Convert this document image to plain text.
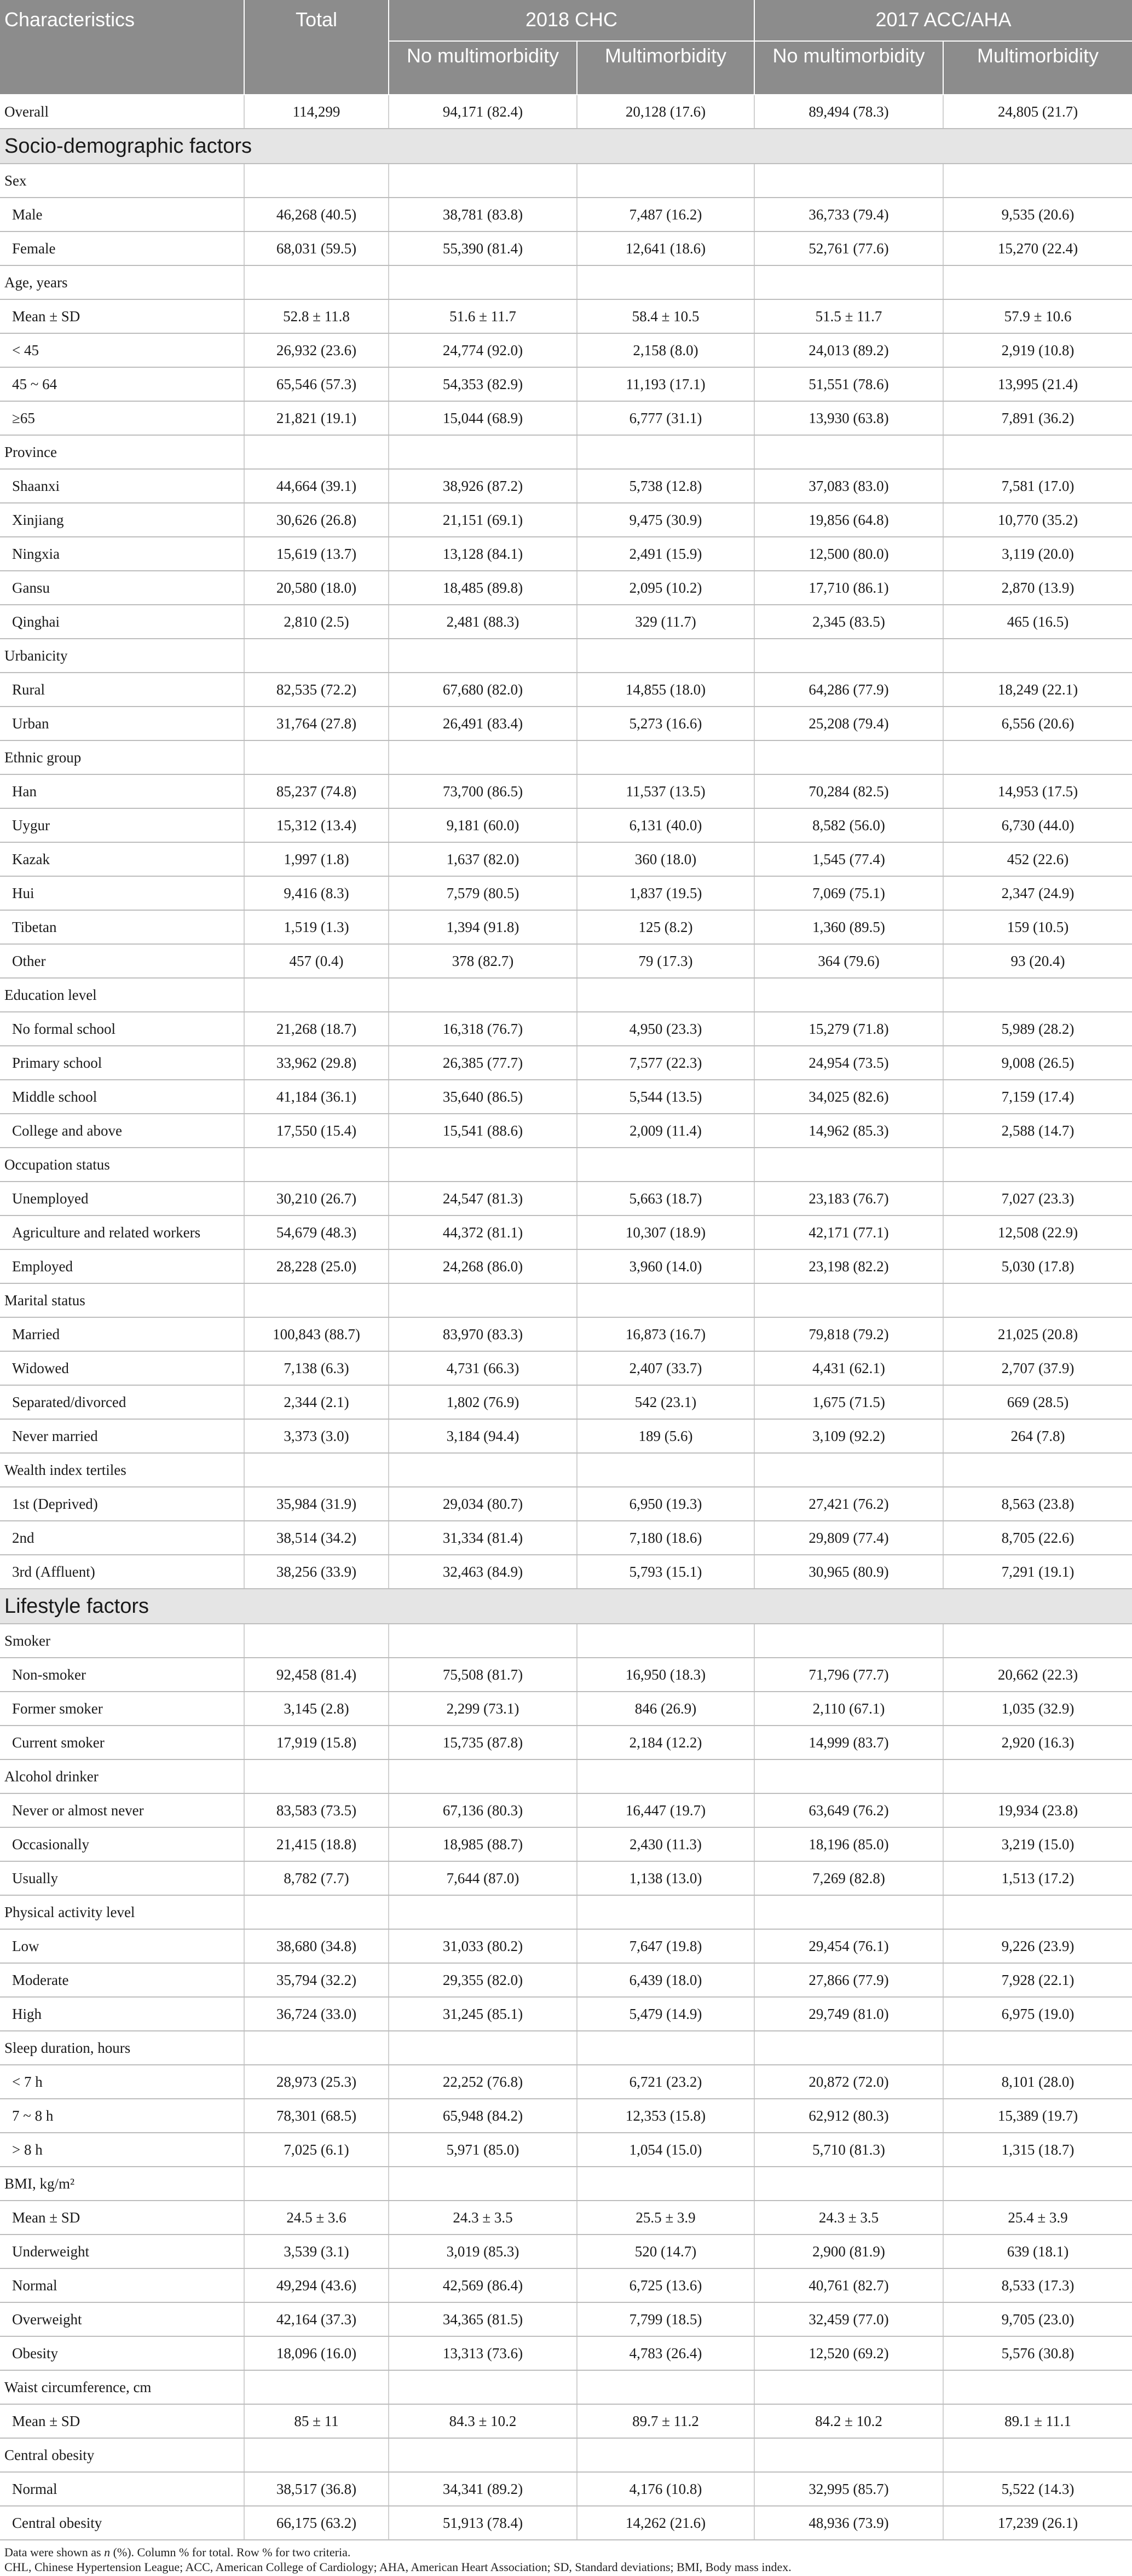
Characteristics	Total	2018 CHC		2017 ACC/AHA	
		No multimorbidity	Multimorbidity	No multimorbidity	Multimorbidity
Overall	114,299	94,171 (82.4)	20,128 (17.6)	89,494 (78.3)	24,805 (21.7)
Socio-demographic factors					
Sex					
Male	46,268 (40.5)	38,781 (83.8)	7,487 (16.2)	36,733 (79.4)	9,535 (20.6)
Female	68,031 (59.5)	55,390 (81.4)	12,641 (18.6)	52,761 (77.6)	15,270 (22.4)
Age, years					
Mean ± SD	52.8 ± 11.8	51.6 ± 11.7	58.4 ± 10.5	51.5 ± 11.7	57.9 ± 10.6
< 45	26,932 (23.6)	24,774 (92.0)	2,158 (8.0)	24,013 (89.2)	2,919 (10.8)
45 ~ 64	65,546 (57.3)	54,353 (82.9)	11,193 (17.1)	51,551 (78.6)	13,995 (21.4)
≥65	21,821 (19.1)	15,044 (68.9)	6,777 (31.1)	13,930 (63.8)	7,891 (36.2)
Province					
Shaanxi	44,664 (39.1)	38,926 (87.2)	5,738 (12.8)	37,083 (83.0)	7,581 (17.0)
Xinjiang	30,626 (26.8)	21,151 (69.1)	9,475 (30.9)	19,856 (64.8)	10,770 (35.2)
Ningxia	15,619 (13.7)	13,128 (84.1)	2,491 (15.9)	12,500 (80.0)	3,119 (20.0)
Gansu	20,580 (18.0)	18,485 (89.8)	2,095 (10.2)	17,710 (86.1)	2,870 (13.9)
Qinghai	2,810 (2.5)	2,481 (88.3)	329 (11.7)	2,345 (83.5)	465 (16.5)
Urbanicity					
Rural	82,535 (72.2)	67,680 (82.0)	14,855 (18.0)	64,286 (77.9)	18,249 (22.1)
Urban	31,764 (27.8)	26,491 (83.4)	5,273 (16.6)	25,208 (79.4)	6,556 (20.6)
Ethnic group					
Han	85,237 (74.8)	73,700 (86.5)	11,537 (13.5)	70,284 (82.5)	14,953 (17.5)
Uygur	15,312 (13.4)	9,181 (60.0)	6,131 (40.0)	8,582 (56.0)	6,730 (44.0)
Kazak	1,997 (1.8)	1,637 (82.0)	360 (18.0)	1,545 (77.4)	452 (22.6)
Hui	9,416 (8.3)	7,579 (80.5)	1,837 (19.5)	7,069 (75.1)	2,347 (24.9)
Tibetan	1,519 (1.3)	1,394 (91.8)	125 (8.2)	1,360 (89.5)	159 (10.5)
Other	457 (0.4)	378 (82.7)	79 (17.3)	364 (79.6)	93 (20.4)
Education level					
No formal school	21,268 (18.7)	16,318 (76.7)	4,950 (23.3)	15,279 (71.8)	5,989 (28.2)
Primary school	33,962 (29.8)	26,385 (77.7)	7,577 (22.3)	24,954 (73.5)	9,008 (26.5)
Middle school	41,184 (36.1)	35,640 (86.5)	5,544 (13.5)	34,025 (82.6)	7,159 (17.4)
College and above	17,550 (15.4)	15,541 (88.6)	2,009 (11.4)	14,962 (85.3)	2,588 (14.7)
Occupation status					
Unemployed	30,210 (26.7)	24,547 (81.3)	5,663 (18.7)	23,183 (76.7)	7,027 (23.3)
Agriculture and related workers	54,679 (48.3)	44,372 (81.1)	10,307 (18.9)	42,171 (77.1)	12,508 (22.9)
Employed	28,228 (25.0)	24,268 (86.0)	3,960 (14.0)	23,198 (82.2)	5,030 (17.8)
Marital status					
Married	100,843 (88.7)	83,970 (83.3)	16,873 (16.7)	79,818 (79.2)	21,025 (20.8)
Widowed	7,138 (6.3)	4,731 (66.3)	2,407 (33.7)	4,431 (62.1)	2,707 (37.9)
Separated/divorced	2,344 (2.1)	1,802 (76.9)	542 (23.1)	1,675 (71.5)	669 (28.5)
Never married	3,373 (3.0)	3,184 (94.4)	189 (5.6)	3,109 (92.2)	264 (7.8)
Wealth index tertiles					
1st (Deprived)	35,984 (31.9)	29,034 (80.7)	6,950 (19.3)	27,421 (76.2)	8,563 (23.8)
2nd	38,514 (34.2)	31,334 (81.4)	7,180 (18.6)	29,809 (77.4)	8,705 (22.6)
3rd (Affluent)	38,256 (33.9)	32,463 (84.9)	5,793 (15.1)	30,965 (80.9)	7,291 (19.1)
Lifestyle factors					
Smoker					
Non-smoker	92,458 (81.4)	75,508 (81.7)	16,950 (18.3)	71,796 (77.7)	20,662 (22.3)
Former smoker	3,145 (2.8)	2,299 (73.1)	846 (26.9)	2,110 (67.1)	1,035 (32.9)
Current smoker	17,919 (15.8)	15,735 (87.8)	2,184 (12.2)	14,999 (83.7)	2,920 (16.3)
Alcohol drinker					
Never or almost never	83,583 (73.5)	67,136 (80.3)	16,447 (19.7)	63,649 (76.2)	19,934 (23.8)
Occasionally	21,415 (18.8)	18,985 (88.7)	2,430 (11.3)	18,196 (85.0)	3,219 (15.0)
Usually	8,782 (7.7)	7,644 (87.0)	1,138 (13.0)	7,269 (82.8)	1,513 (17.2)
Physical activity level					
Low	38,680 (34.8)	31,033 (80.2)	7,647 (19.8)	29,454 (76.1)	9,226 (23.9)
Moderate	35,794 (32.2)	29,355 (82.0)	6,439 (18.0)	27,866 (77.9)	7,928 (22.1)
High	36,724 (33.0)	31,245 (85.1)	5,479 (14.9)	29,749 (81.0)	6,975 (19.0)
Sleep duration, hours					
< 7 h	28,973 (25.3)	22,252 (76.8)	6,721 (23.2)	20,872 (72.0)	8,101 (28.0)
7 ~ 8 h	78,301 (68.5)	65,948 (84.2)	12,353 (15.8)	62,912 (80.3)	15,389 (19.7)
> 8 h	7,025 (6.1)	5,971 (85.0)	1,054 (15.0)	5,710 (81.3)	1,315 (18.7)
BMI, kg/m²					
Mean ± SD	24.5 ± 3.6	24.3 ± 3.5	25.5 ± 3.9	24.3 ± 3.5	25.4 ± 3.9
Underweight	3,539 (3.1)	3,019 (85.3)	520 (14.7)	2,900 (81.9)	639 (18.1)
Normal	49,294 (43.6)	42,569 (86.4)	6,725 (13.6)	40,761 (82.7)	8,533 (17.3)
Overweight	42,164 (37.3)	34,365 (81.5)	7,799 (18.5)	32,459 (77.0)	9,705 (23.0)
Obesity	18,096 (16.0)	13,313 (73.6)	4,783 (26.4)	12,520 (69.2)	5,576 (30.8)
Waist circumference, cm					
Mean ± SD	85 ± 11	84.3 ± 10.2	89.7 ± 11.2	84.2 ± 10.2	89.1 ± 11.1
Central obesity					
Normal	38,517 (36.8)	34,341 (89.2)	4,176 (10.8)	32,995 (85.7)	5,522 (14.3)
Central obesity	66,175 (63.2)	51,913 (78.4)	14,262 (21.6)	48,936 (73.9)	17,239 (26.1)
Data were shown as n (%). Column % for total. Row % for two criteria.
CHL, Chinese Hypertension League; ACC, American College of Cardiology; AHA, American Heart Association; SD, Standard deviations; BMI, Body mass index.
